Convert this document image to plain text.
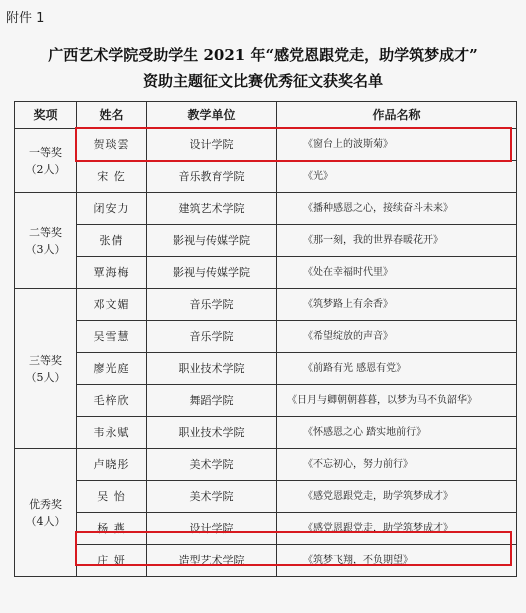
附件 1
广西艺术学院受助学生 2021 年“感党恩跟党走，助学筑梦成才”
资助主题征文比赛优秀征文获奖名单
奖项	姓名	教学单位	作品名称
一等奖
（2人）	贺琰雲	设计学院	《窗台上的波斯菊》
	宋 仡	音乐教育学院	《光》
二等奖
（3人）	闭安力	建筑艺术学院	《播种感恩之心，接续奋斗未来》
	张倩	影视与传媒学院	《那一刻，我的世界春暖花开》
	覃海梅	影视与传媒学院	《处在幸福时代里》
三等奖
（5人）	邓文媚	音乐学院	《筑梦路上有余香》
	吴雪慧	音乐学院	《希望绽放的声音》
	廖光庭	职业技术学院	《前路有光 感恩有党》
	毛梓欣	舞蹈学院	《日月与卿朝朝暮暮，以梦为马不负韶华》
	韦永赋	职业技术学院	《怀感恩之心 踏实地前行》
优秀奖
（4人）	卢晓彤	美术学院	《不忘初心，努力前行》
	吴 怡	美术学院	《感党恩跟党走，助学筑梦成才》
	杨 燕	设计学院	《感党恩跟党走，助学筑梦成才》
	庄 妍	造型艺术学院	《筑梦飞翔，不负期望》
